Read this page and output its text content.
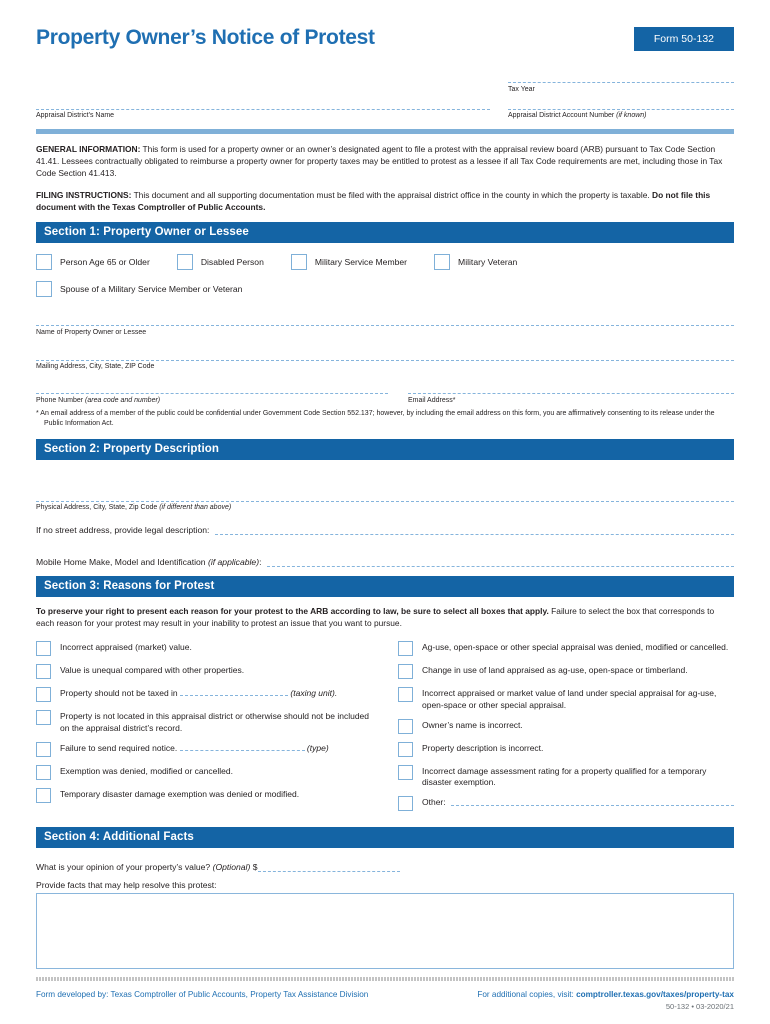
Property Owner’s Notice of Protest	Form 50-132
Tax Year
Appraisal District’s Name	Appraisal District Account Number (if known)
GENERAL INFORMATION: This form is used for a property owner or an owner’s designated agent to file a protest with the appraisal review board (ARB) pursuant to Tax Code Section 41.41. Lessees contractually obligated to reimburse a property owner for property taxes may be entitled to protest as a lessee if all Tax Code requirements are met, including those in Tax Code Section 41.413.
FILING INSTRUCTIONS: This document and all supporting documentation must be filed with the appraisal district office in the county in which the property is taxable. Do not file this document with the Texas Comptroller of Public Accounts.
Section 1: Property Owner or Lessee
Person Age 65 or Older	Disabled Person	Military Service Member	Military Veteran
Spouse of a Military Service Member or Veteran
Name of Property Owner or Lessee
Mailing Address, City, State, ZIP Code
Phone Number (area code and number)	Email Address*
* An email address of a member of the public could be confidential under Government Code Section 552.137; however, by including the email address on this form, you are affirmatively consenting to its release under the Public Information Act.
Section 2: Property Description
Physical Address, City, State, Zip Code (if different than above)
If no street address, provide legal description:
Mobile Home Make, Model and Identification (if applicable):
Section 3: Reasons for Protest
To preserve your right to present each reason for your protest to the ARB according to law, be sure to select all boxes that apply. Failure to select the box that corresponds to each reason for your protest may result in your inability to protest an issue that you want to pursue.
Incorrect appraised (market) value.
Value is unequal compared with other properties.
Property should not be taxed in	(taxing unit).
Property is not located in this appraisal district or otherwise should not be included on the appraisal district’s record.
Failure to send required notice.	(type)
Exemption was denied, modified or cancelled.
Temporary disaster damage exemption was denied or modified.
Ag-use, open-space or other special appraisal was denied, modified or cancelled.
Change in use of land appraised as ag-use, open-space or timberland.
Incorrect appraised or market value of land under special appraisal for ag-use, open-space or other special appraisal.
Owner’s name is incorrect.
Property description is incorrect.
Incorrect damage assessment rating for a property qualified for a temporary disaster exemption.
Other:
Section 4: Additional Facts
What is your opinion of your property’s value? (Optional) $
Provide facts that may help resolve this protest:
Form developed by: Texas Comptroller of Public Accounts, Property Tax Assistance Division	For additional copies, visit: comptroller.texas.gov/taxes/property-tax
50-132 • 03-2020/21
